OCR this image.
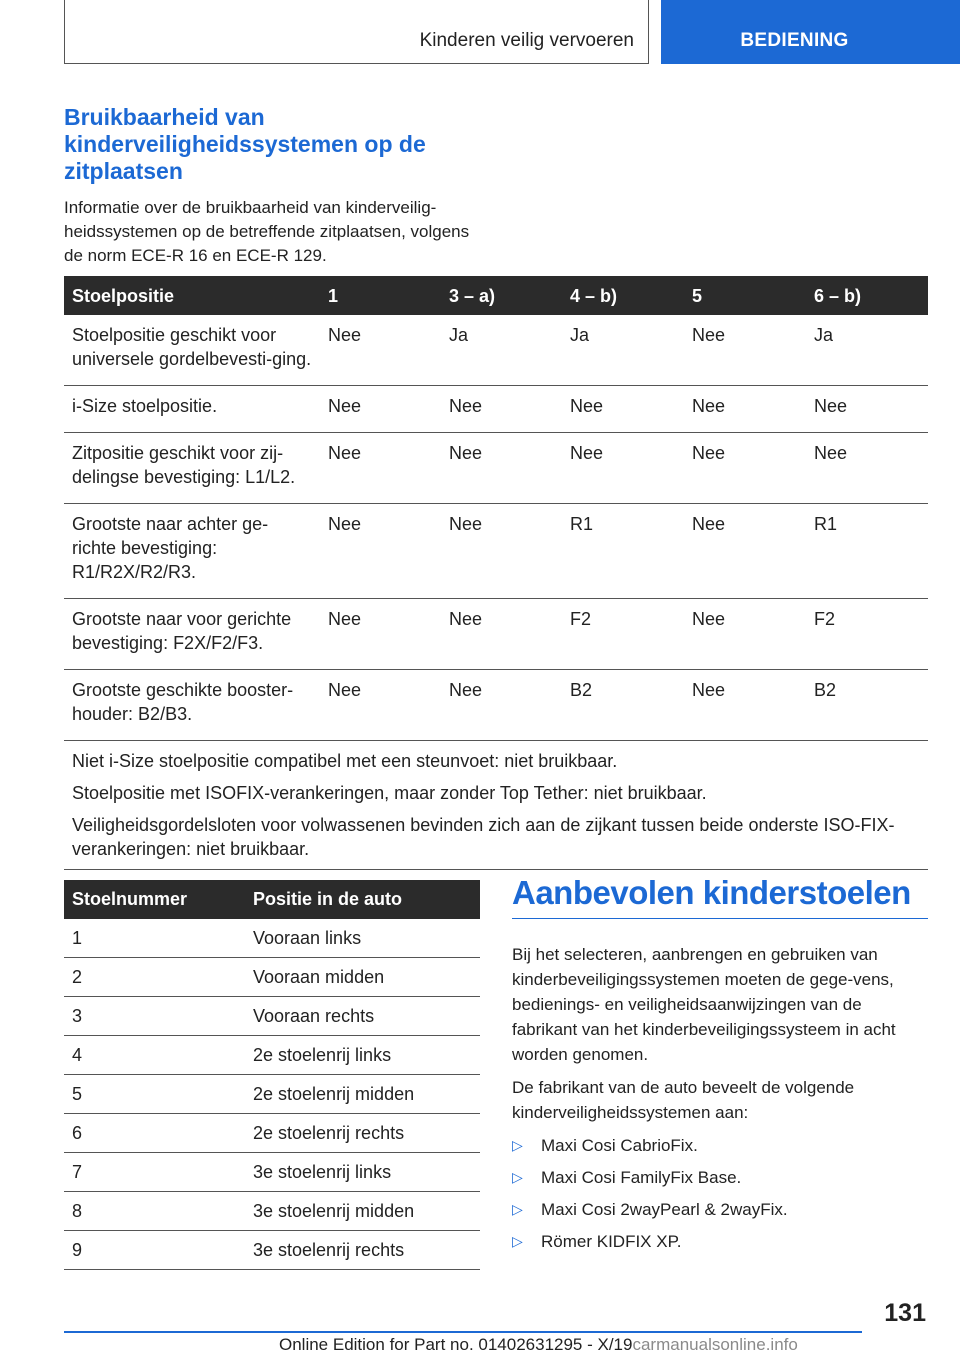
Kinderen veilig vervoeren	BEDIENING
Bruikbaarheid van kinderveiligheidssystemen op de zitplaatsen

Informatie over de bruikbaarheid van kinderveilig-heidssystemen op de betreffende zitplaatsen, volgens de norm ECE-R 16 en ECE-R 129.

Stoelpositie	1	3 – a)	4 – b)	5	6 – b)
Stoelpositie geschikt voor universele gordelbevesti-ging.	Nee	Ja	Ja	Nee	Ja
i-Size stoelpositie.	Nee	Nee	Nee	Nee	Nee
Zitpositie geschikt voor zij-delingse bevestiging: L1/L2.	Nee	Nee	Nee	Nee	Nee
Grootste naar achter ge-richte bevestiging: R1/R2X/R2/R3.	Nee	Nee	R1	Nee	R1
Grootste naar voor gerichte bevestiging: F2X/F2/F3.	Nee	Nee	F2	Nee	F2
Grootste geschikte booster-houder: B2/B3.	Nee	Nee	B2	Nee	B2

Niet i-Size stoelpositie compatibel met een steunvoet: niet bruikbaar.

Stoelpositie met ISOFIX-verankeringen, maar zonder Top Tether: niet bruikbaar.

Veiligheidsgordelsloten voor volwassenen bevinden zich aan de zijkant tussen beide onderste ISO-FIX-verankeringen: niet bruikbaar.					

Stoelnummer	Positie in de auto
1	Vooraan links
2	Vooraan midden
3	Vooraan rechts
4	2e stoelenrij links
5	2e stoelenrij midden
6	2e stoelenrij rechts
7	3e stoelenrij links
8	3e stoelenrij midden
9	3e stoelenrij rechts
Aanbevolen kinderstoelen

Bij het selecteren, aanbrengen en gebruiken van kinderbeveiligingssystemen moeten de gege-vens, bedienings- en veiligheidsaanwijzingen van de fabrikant van het kinderbeveiligingssysteem in acht worden genomen.

De fabrikant van de auto beveelt de volgende kinderveiligheidssystemen aan:

▷ Maxi Cosi CabrioFix.
▷ Maxi Cosi FamilyFix Base.
▷ Maxi Cosi 2wayPearl & 2wayFix.
▷ Römer KIDFIX XP.
131
Online Edition for Part no. 01402631295 - X/19carmanualsonline.info
